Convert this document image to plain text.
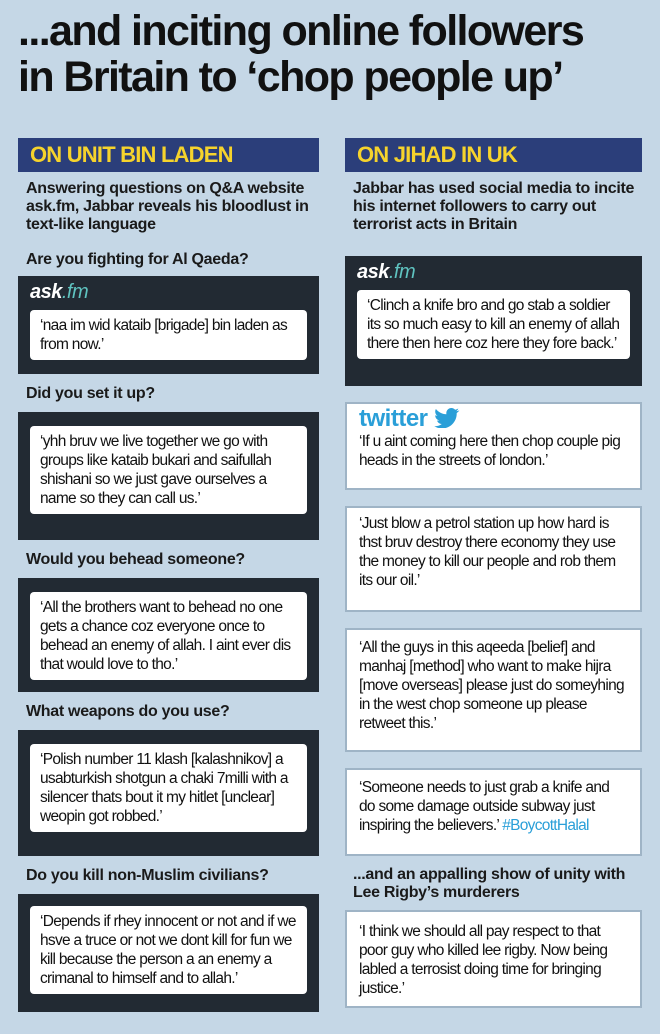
...and inciting online followers
in Britain to ‘chop people up’
ON UNIT BIN LADEN
Answering questions on Q&A website ask.fm, Jabbar reveals his bloodlust in text-like language
Are you fighting for Al Qaeda?
ask.fm
‘naa im wid kataib [brigade] bin laden as from now.’
Did you set it up?
‘yhh bruv we live together we go with groups like kataib bukari and saifullah shishani so we just gave ourselves a name so they can call us.’
Would you behead someone?
‘All the brothers want to behead no one gets a chance coz everyone once to behead an enemy of allah. I aint ever dis that would love to tho.’
What weapons do you use?
‘Polish number 11 klash [kalashnikov] a usabturkish shotgun a chaki 7milli with a silencer thats bout it my hitlet [unclear] weopin got robbed.’
Do you kill non-Muslim civilians?
‘Depends if rhey innocent or not and if we hsve a truce or not we dont kill for fun we kill because the person a an enemy a crimanal to himself and to allah.’
ON JIHAD IN UK
Jabbar has used social media to incite his internet followers to carry out terrorist acts in Britain
ask.fm
‘Clinch a knife bro and go stab a soldier its so much easy to kill an enemy of allah there then here coz here they fore back.’
twitter
‘If u aint coming here then chop couple pig heads in the streets of london.’
‘Just blow a petrol station up how hard is thst bruv destroy there economy they use the money to kill our people and rob them its our oil.’
‘All the guys in this aqeeda [belief] and manhaj [method] who want to make hijra [move overseas] please just do someyhing in the west chop someone up please retweet this.’
‘Someone needs to just grab a knife and do some damage outside subway just inspiring the believers.’ #BoycottHalal
...and an appalling show of unity with Lee Rigby’s murderers
‘I think we should all pay respect to that poor guy who killed lee rigby. Now being labled a terrosist doing time for bringing justice.’
